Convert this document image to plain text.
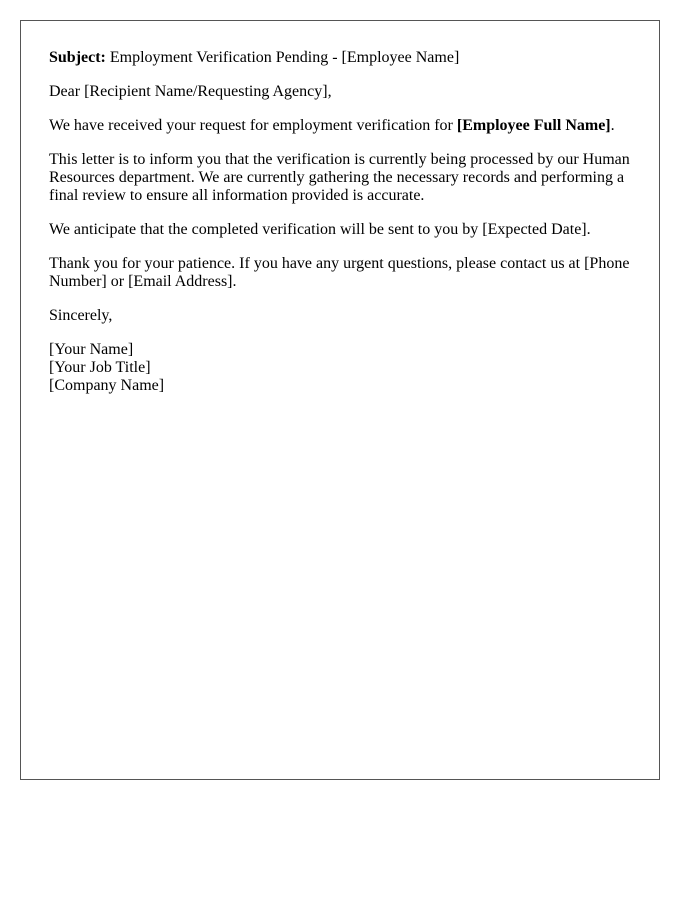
Subject: Employment Verification Pending - [Employee Name]

Dear [Recipient Name/Requesting Agency],

We have received your request for employment verification for [Employee Full Name].

This letter is to inform you that the verification is currently being processed by our Human Resources department. We are currently gathering the necessary records and performing a final review to ensure all information provided is accurate.

We anticipate that the completed verification will be sent to you by [Expected Date].

Thank you for your patience. If you have any urgent questions, please contact us at [Phone Number] or [Email Address].

Sincerely,

[Your Name]
[Your Job Title]
[Company Name]
